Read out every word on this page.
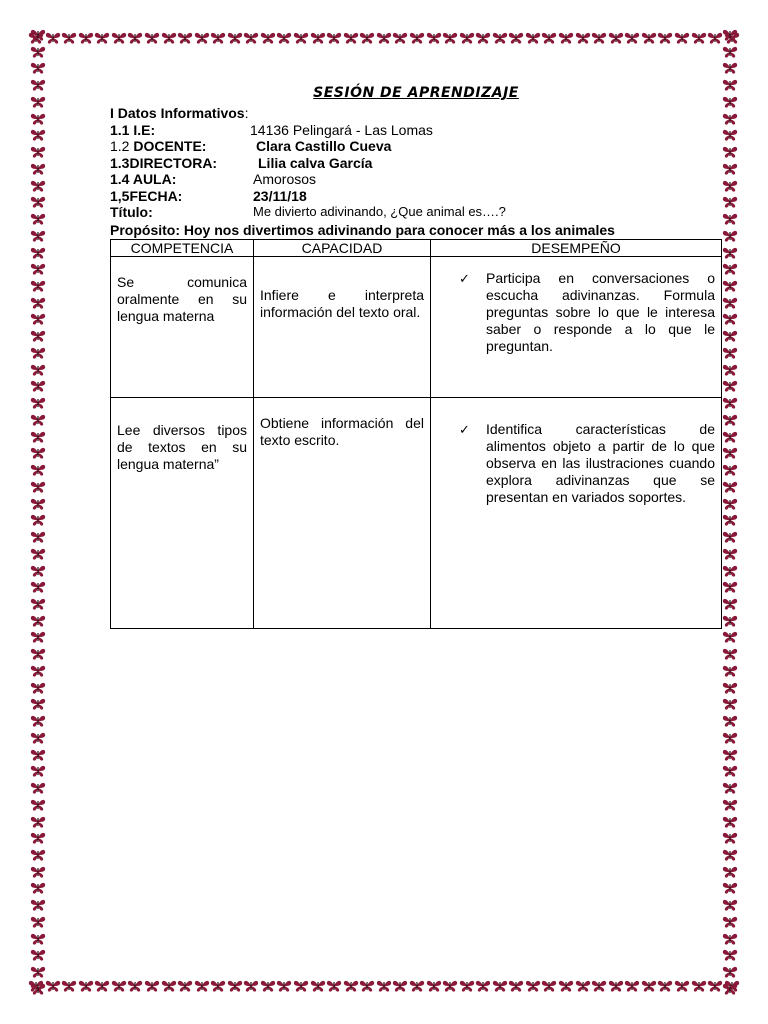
SESIÓN DE APRENDIZAJE
I Datos Informativos :
1.1 I.E:	14136 Pelingará - Las Lomas
1.2 DOCENTE:	Clara Castillo Cueva
1.3DIRECTORA:	Lilia calva García
1.4 AULA:	Amorosos
1,5FECHA:	23/11/18
Título:	Me divierto adivinando, ¿Que animal es….?
Propósito: Hoy nos divertimos adivinando para conocer más a los animales
COMPETENCIA	CAPACIDAD	DESEMPEÑO

Se comunica oralmente en su lengua materna	Infiere e interpreta información del texto oral.	✓ Participa en conversaciones o escucha adivinanzas. Formula preguntas sobre lo que le interesa saber o responde a lo que le preguntan.

Lee diversos tipos de textos en su lengua materna”	Obtiene información del texto escrito.	✓ Identifica características de alimentos objeto a partir de lo que observa en las ilustraciones cuando explora adivinanzas que se presentan en variados soportes.
